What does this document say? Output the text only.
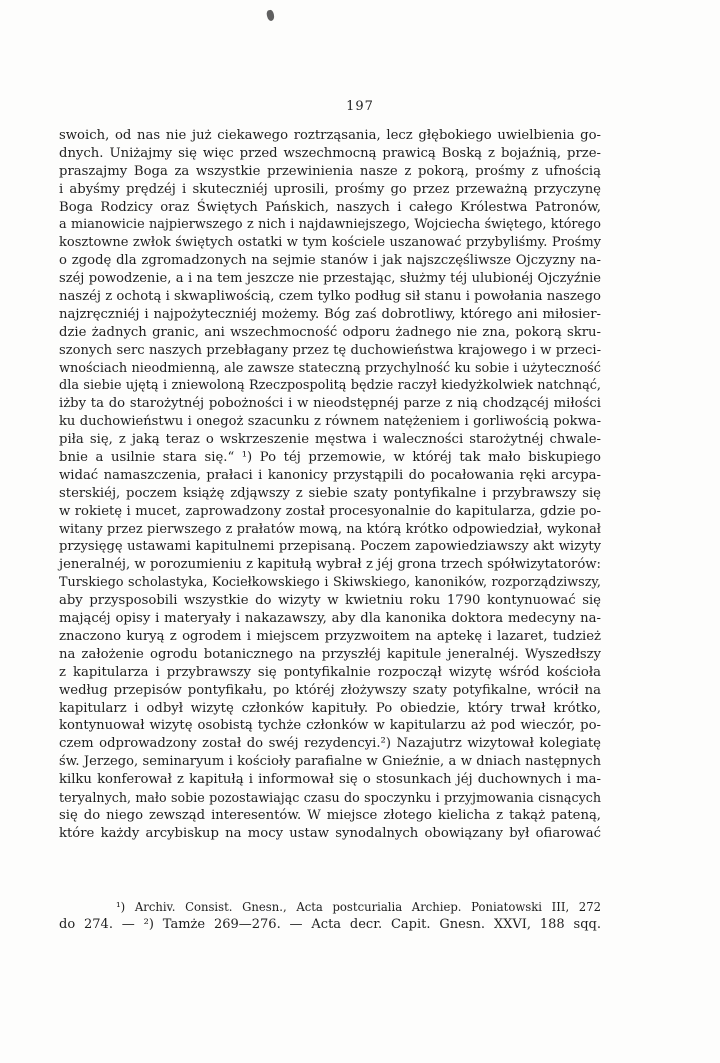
197
swoich, od nas nie już ciekawego roztrząsania, lecz głębokiego uwielbienia go-
dnych. Uniżajmy się więc przed wszechmocną prawicą Boską z bojaźnią, prze-
praszajmy Boga za wszystkie przewinienia nasze z pokorą, prośmy z ufnością
i abyśmy prędzéj i skuteczniéj uprosili, prośmy go przez przeważną przyczynę
Boga Rodzicy oraz Świętych Pańskich, naszych i całego Królestwa Patronów,
a mianowicie najpierwszego z nich i najdawniejszego, Wojciecha świętego, którego
kosztowne zwłok świętych ostatki w tym kościele uszanować przybyliśmy. Prośmy
o zgodę dla zgromadzonych na sejmie stanów i jak najszczęśliwsze Ojczyzny na-
széj powodzenie, a i na tem jeszcze nie przestając, służmy téj ulubionéj Ojczyźnie
naszéj z ochotą i skwapliwością, czem tylko podług sił stanu i powołania naszego
najzręczniéj i najpożyteczniéj możemy. Bóg zaś dobrotliwy, którego ani miłosier-
dzie żadnych granic, ani wszechmocność odporu żadnego nie zna, pokorą skru-
szonych serc naszych przebłagany przez tę duchowieństwa krajowego i w przeci-
wnościach nieodmienną, ale zawsze stateczną przychylność ku sobie i użyteczność
dla siebie ujętą i zniewoloną Rzeczpospolitą będzie raczył kiedyżkolwiek natchnąć,
iżby ta do starożytnéj pobożności i w nieodstępnéj parze z nią chodzącéj miłości
ku duchowieństwu i onegoż szacunku z równem natężeniem i gorliwością pokwa-
piła się, z jaką teraz o wskrzeszenie męstwa i waleczności starożytnéj chwale-
bnie a usilnie stara się.“ ¹) Po téj przemowie, w któréj tak mało biskupiego
widać namaszczenia, prałaci i kanonicy przystąpili do pocałowania ręki arcypa-
sterskiéj, poczem książę zdjąwszy z siebie szaty pontyfikalne i przybrawszy się
w rokietę i mucet, zaprowadzony został procesyonalnie do kapitularza, gdzie po-
witany przez pierwszego z prałatów mową, na którą krótko odpowiedział, wykonał
przysięgę ustawami kapitulnemi przepisaną. Poczem zapowiedziawszy akt wizyty
jeneralnéj, w porozumieniu z kapitułą wybrał z jéj grona trzech spółwizytatorów:
Turskiego scholastyka, Kociełkowskiego i Skiwskiego, kanoników, rozporządziwszy,
aby przysposobili wszystkie do wizyty w kwietniu roku 1790 kontynuować się
mającéj opisy i materyały i nakazawszy, aby dla kanonika doktora medecyny na-
znaczono kuryą z ogrodem i miejscem przyzwoitem na aptekę i lazaret, tudzież
na założenie ogrodu botanicznego na przyszłéj kapitule jeneralnéj. Wyszedłszy
z kapitularza i przybrawszy się pontyfikalnie rozpoczął wizytę wśród kościoła
według przepisów pontyfikału, po któréj złożywszy szaty potyfikalne, wrócił na
kapitularz i odbył wizytę członków kapituły. Po obiedzie, który trwał krótko,
kontynuował wizytę osobistą tychże członków w kapitularzu aż pod wieczór, po-
czem odprowadzony został do swéj rezydencyi.²) Nazajutrz wizytował kolegiatę
św. Jerzego, seminaryum i kościoły parafialne w Gnieźnie, a w dniach następnych
kilku konferował z kapitułą i informował się o stosunkach jéj duchownych i ma-
teryalnych, mało sobie pozostawiając czasu do spoczynku i przyjmowania cisnących
się do niego zewsząd interesentów. W miejsce złotego kielicha z takąż pateną,
które każdy arcybiskup na mocy ustaw synodalnych obowiązany był ofiarować
¹) Archiv. Consist. Gnesn., Acta postcurialia Archiep. Poniatowski III, 272
do 274. — ²) Tamże 269—276. — Acta decr. Capit. Gnesn. XXVI, 188 sqq.
